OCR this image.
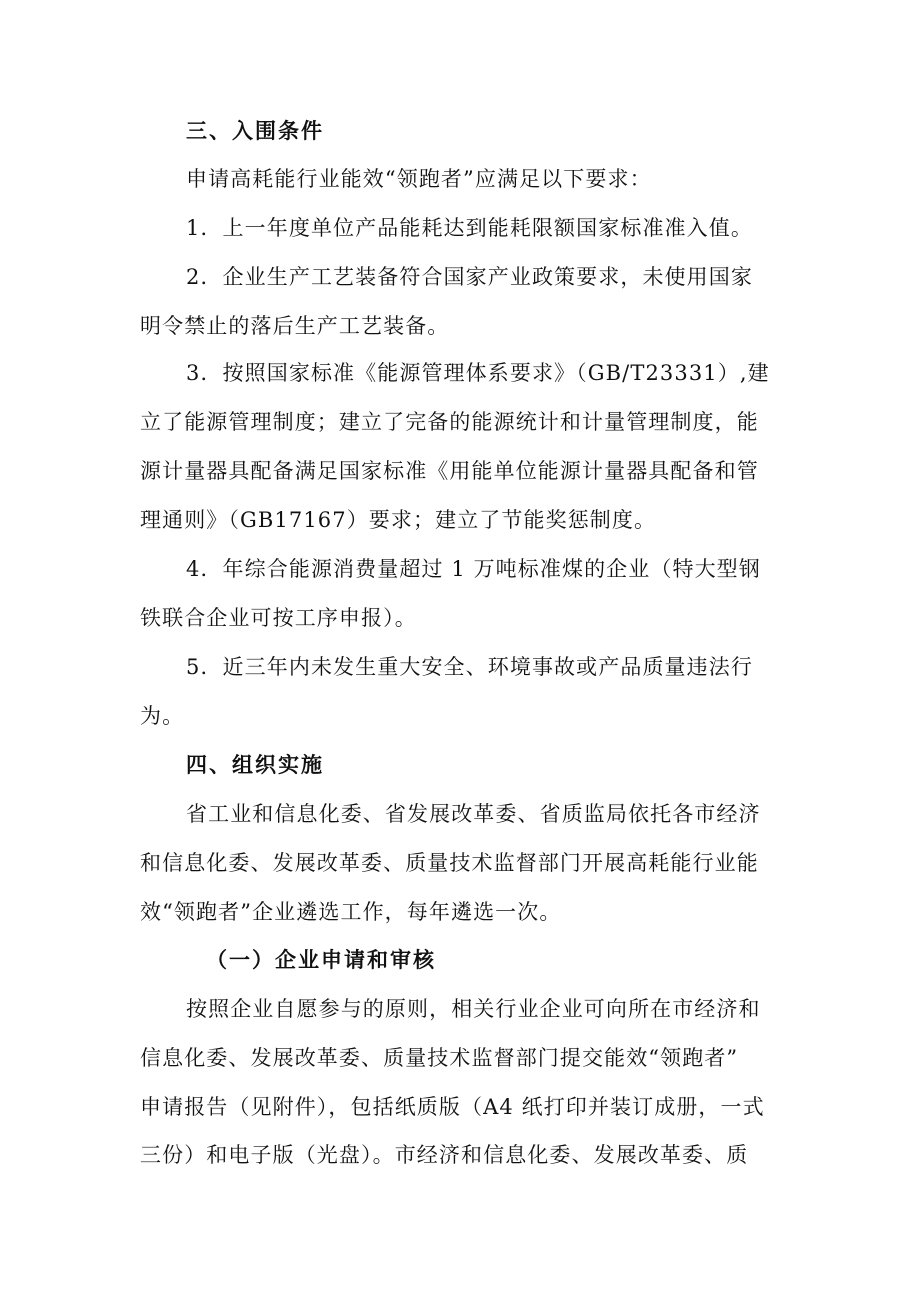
三、入围条件
申请高耗能行业能效“领跑者”应满足以下要求：
1．上一年度单位产品能耗达到能耗限额国家标准准入值。
2．企业生产工艺装备符合国家产业政策要求，未使用国家
明令禁止的落后生产工艺装备。
3．按照国家标准《能源管理体系要求》（GB/T23331）,建
立了能源管理制度；建立了完备的能源统计和计量管理制度，能
源计量器具配备满足国家标准《用能单位能源计量器具配备和管
理通则》（GB17167）要求；建立了节能奖惩制度。
4．年综合能源消费量超过 1 万吨标准煤的企业（特大型钢
铁联合企业可按工序申报）。
5．近三年内未发生重大安全、环境事故或产品质量违法行
为。
四、组织实施
省工业和信息化委、省发展改革委、省质监局依托各市经济
和信息化委、发展改革委、质量技术监督部门开展高耗能行业能
效“领跑者”企业遴选工作，每年遴选一次。
（一）企业申请和审核
按照企业自愿参与的原则，相关行业企业可向所在市经济和
信息化委、发展改革委、质量技术监督部门提交能效“领跑者”
申请报告（见附件），包括纸质版（A4 纸打印并装订成册，一式
三份）和电子版（光盘）。市经济和信息化委、发展改革委、质
